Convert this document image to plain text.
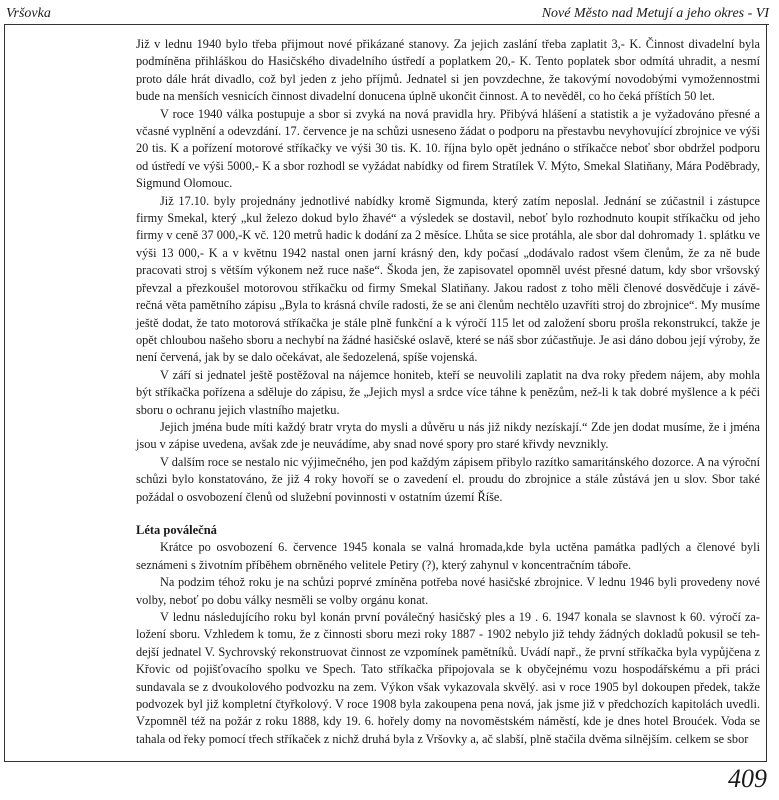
Vršovka	Nové Město nad Metují a jeho okres - VI

Již v lednu 1940 bylo třeba přijmout nové přikázané stanovy. Za jejich zaslání třeba zaplatit 3,- K. Činnost divadelní byla podmíněna přihláškou do Hasičského divadelního ústředí a poplatkem 20,- K. Tento poplatek sbor odmítá uhradit, a nesmí proto dále hrát divadlo, což byl jeden z jeho příjmů. Jednatel si jen povzdechne, že takovýmí novodobými vymožennostmi bude na menších vesnicích činnost divadelní donucena úplně ukončit činnost. A to nevěděl, co ho čeká příštích 50 let.

V roce 1940 válka postupuje a sbor si zvyká na nová pravidla hry. Přibývá hlášení a statistik a je vyžadováno přesné a včasné vyplnění a odevzdání. 17. července je na schůzi usneseno žádat o podporu na přestavbu nevyhovující zbrojnice ve výši 20 tis. K a pořízení motorové stříkačky ve výši 30 tis. K. 10. října bylo opět jednáno o stříkačce neboť sbor obdržel podporu od ústředí ve výši 5000,- K a sbor rozhodl se vyžádat nabídky od firem Stratílek V. Mýto, Smekal Slatiňany, Mára Poděbrady, Sigmund Olomouc.

Již 17.10. byly projednány jednotlivé nabídky kromě Sigmunda, který zatím neposlal. Jednání se zúčastnil i zástupce firmy Smekal, který „kul železo dokud bylo žhavé“ a výsledek se dostavil, neboť bylo rozhodnuto koupit stříkačku od jeho firmy v ceně 37 000,-K vč. 120 metrů hadic k dodání za 2 měsíce. Lhůta se sice protáhla, ale sbor dal dohromady 1. splátku ve výši 13 000,- K a v květnu 1942 nastal onen jarní krásný den, kdy počasí „dodávalo radost všem členům, že za ně bude pracovati stroj s větším výkonem než ruce naše“. Škoda jen, že zapisovatel opomněl uvést přesné datum, kdy sbor vršovský převzal a přezkoušel motorovou stříkačku od firmy Smekal Slatiňany. Jakou radost z toho měli členové dosvědčuje i závěrečná věta pamětního zápisu „Byla to krásná chvíle radosti, že se ani členům nechtělo uzavříti stroj do zbrojnice“. My musíme ještě dodat, že tato motorová stříkačka je stále plně funkční a k výročí 115 let od založení sboru prošla rekonstrukcí, takže je opět chloubou našeho sboru a nechybí na žádné hasičské oslavě, které se náš sbor zúčastňuje. Je asi dáno dobou její výroby, že není červená, jak by se dalo očekávat, ale šedozelená, spíše vojenská.

V září si jednatel ještě postěžoval na nájemce honiteb, kteří se neuvolili zaplatit na dva roky předem nájem, aby mohla být stříkačka pořízena a sděluje do zápisu, že „Jejich mysl a srdce více táhne k penězům, než-li k tak dobré myšlence a k péči sboru o ochranu jejich vlastního majetku.

Jejich jména bude míti každý bratr vryta do mysli a důvěru u nás již nikdy nezískají.“ Zde jen dodat musíme, že i jména jsou v zápise uvedena, avšak zde je neuvádíme, aby snad nové spory pro staré křivdy nevznikly.

V dalším roce se nestalo nic výjimečného, jen pod každým zápisem přibylo razítko samaritánského dozorce. A na výroční schůzi bylo konstatováno, že již 4 roky hovoří se o zavedení el. proudu do zbrojnice a stále zůstává jen u slov. Sbor také požádal o osvobození členů od služební povinnosti v ostatním území Říše.

Léta poválečná

Krátce po osvobození 6. července 1945 konala se valná hromada,kde byla uctěna památka padlých a členové byli seznámeni s životním příběhem obrněného velitele Petiry (?), který zahynul v koncentračním táboře.

Na podzim téhož roku je na schůzi poprvé zmíněna potřeba nové hasičské zbrojnice. V lednu 1946 byli provedeny nové volby, neboť po dobu války nesměli se volby orgánu konat.

V lednu následujícího roku byl konán první poválečný hasičský ples a 19 . 6. 1947 konala se slavnost k 60. výročí založení sboru. Vzhledem k tomu, že z činnosti sboru mezi roky 1887 - 1902 nebylo již tehdy žádných dokladů pokusil se tehdejší jednatel V. Sychrovský rekonstruovat činnost ze vzpomínek pamětníků. Uvádí např., že první stříkačka byla vypůjčena z Křovic od pojišťovacího spolku ve Spech. Tato stříkačka připojovala se k obyčejnému vozu hospodářskému a při práci sundavala se z dvoukolového podvozku na zem. Výkon však vykazovala skvělý. asi v roce 1905 byl dokoupen předek, takže podvozek byl již kompletní čtyřkolový. V roce 1908 byla zakoupena pena nová, jak jsme již v předchozích kapitolách uvedli. Vzpomněl též na požár z roku 1888, kdy 19. 6. hořely domy na novoměstském náměstí, kde je dnes hotel Broućek. Voda se tahala od řeky pomocí třech stříkaček z nichž druhá byla z Vršovky a, ač slabší, plně stačila dvěma silnějším. celkem se sbor

409
